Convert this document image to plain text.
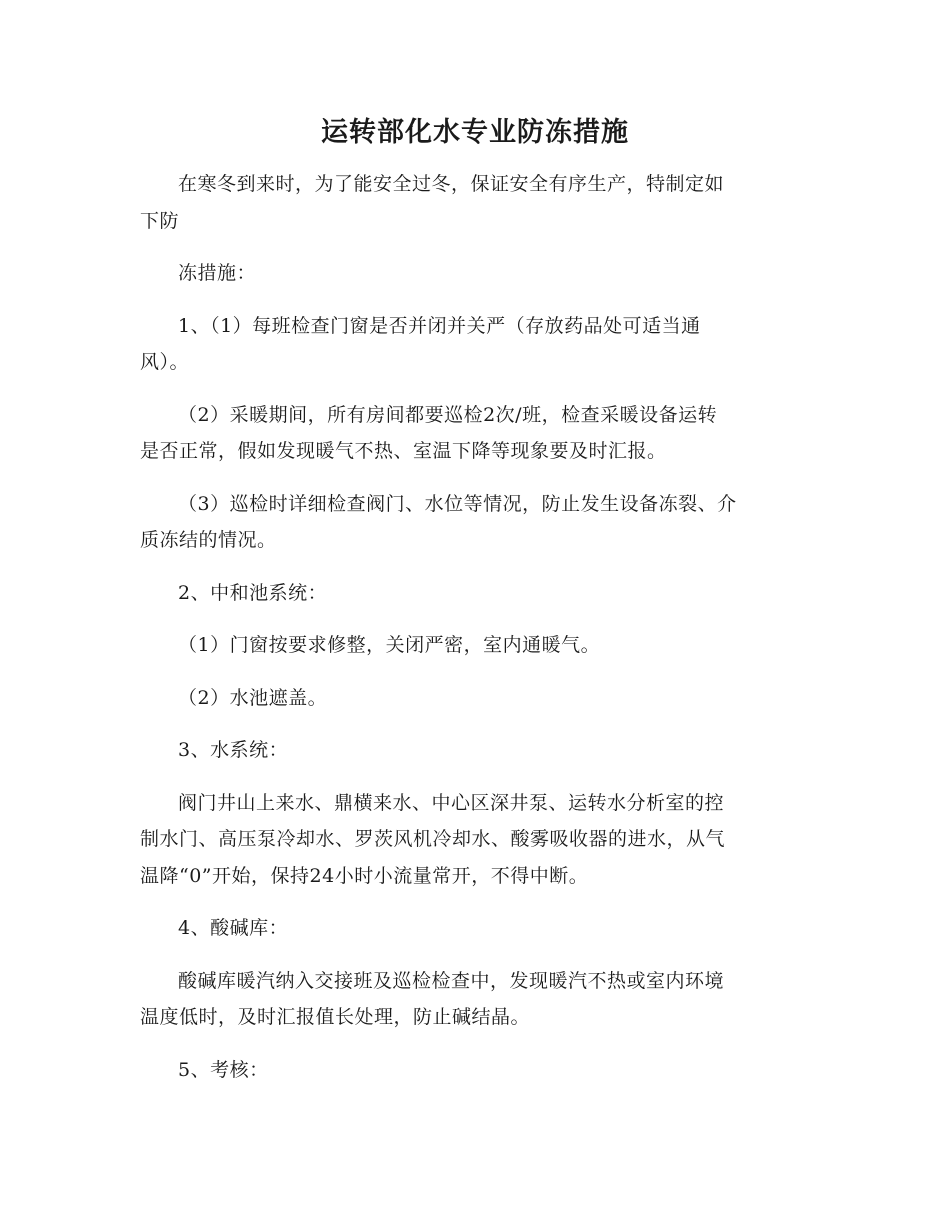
运转部化水专业防冻措施

在寒冬到来时，为了能安全过冬，保证安全有序生产，特制定如
下防

冻措施：

1、（1）每班检查门窗是否并闭并关严（存放药品处可适当通
风）。

（2）采暖期间，所有房间都要巡检2次/班，检查采暖设备运转
是否正常，假如发现暖气不热、室温下降等现象要及时汇报。

（3）巡检时详细检查阀门、水位等情况，防止发生设备冻裂、介
质冻结的情况。

2、中和池系统：

（1）门窗按要求修整，关闭严密，室内通暖气。

（2）水池遮盖。

3、水系统：

阀门井山上来水、鼎横来水、中心区深井泵、运转水分析室的控
制水门、高压泵冷却水、罗茨风机冷却水、酸雾吸收器的进水，从气
温降“0”开始，保持24小时小流量常开，不得中断。

4、酸碱库：

酸碱库暖汽纳入交接班及巡检检查中，发现暖汽不热或室内环境
温度低时，及时汇报值长处理，防止碱结晶。

5、考核：
